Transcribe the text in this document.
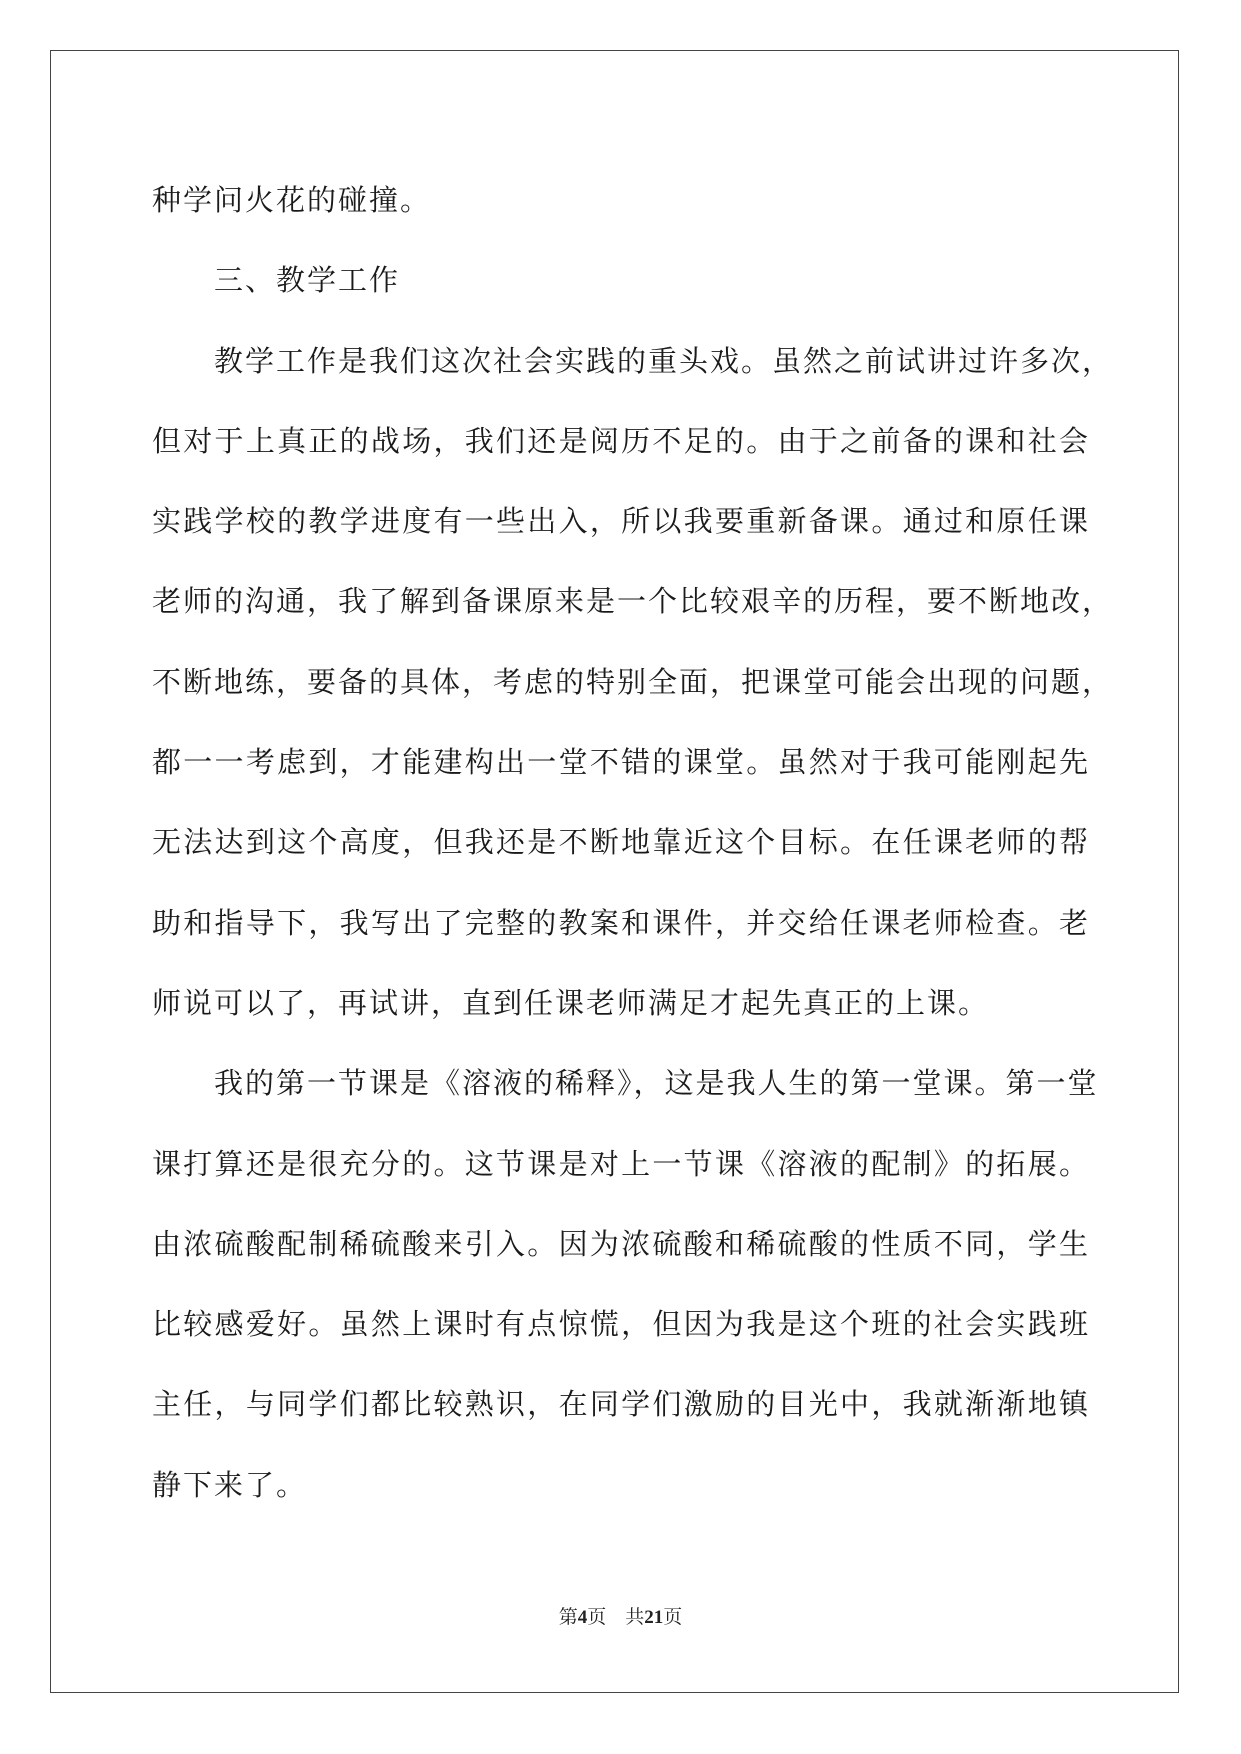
种学问火花的碰撞。
三、教学工作
教学工作是我们这次社会实践的重头戏。虽然之前试讲过许多次，
但对于上真正的战场，我们还是阅历不足的。由于之前备的课和社会
实践学校的教学进度有一些出入，所以我要重新备课。通过和原任课
老师的沟通，我了解到备课原来是一个比较艰辛的历程，要不断地改，
不断地练，要备的具体，考虑的特别全面，把课堂可能会出现的问题，
都一一考虑到，才能建构出一堂不错的课堂。虽然对于我可能刚起先
无法达到这个高度，但我还是不断地靠近这个目标。在任课老师的帮
助和指导下，我写出了完整的教案和课件，并交给任课老师检查。老
师说可以了，再试讲，直到任课老师满足才起先真正的上课。
我的第一节课是《溶液的稀释》，这是我人生的第一堂课。第一堂
课打算还是很充分的。这节课是对上一节课《溶液的配制》的拓展。
由浓硫酸配制稀硫酸来引入。因为浓硫酸和稀硫酸的性质不同，学生
比较感爱好。虽然上课时有点惊慌，但因为我是这个班的社会实践班
主任，与同学们都比较熟识，在同学们激励的目光中，我就渐渐地镇
静下来了。
第4页 共21页
